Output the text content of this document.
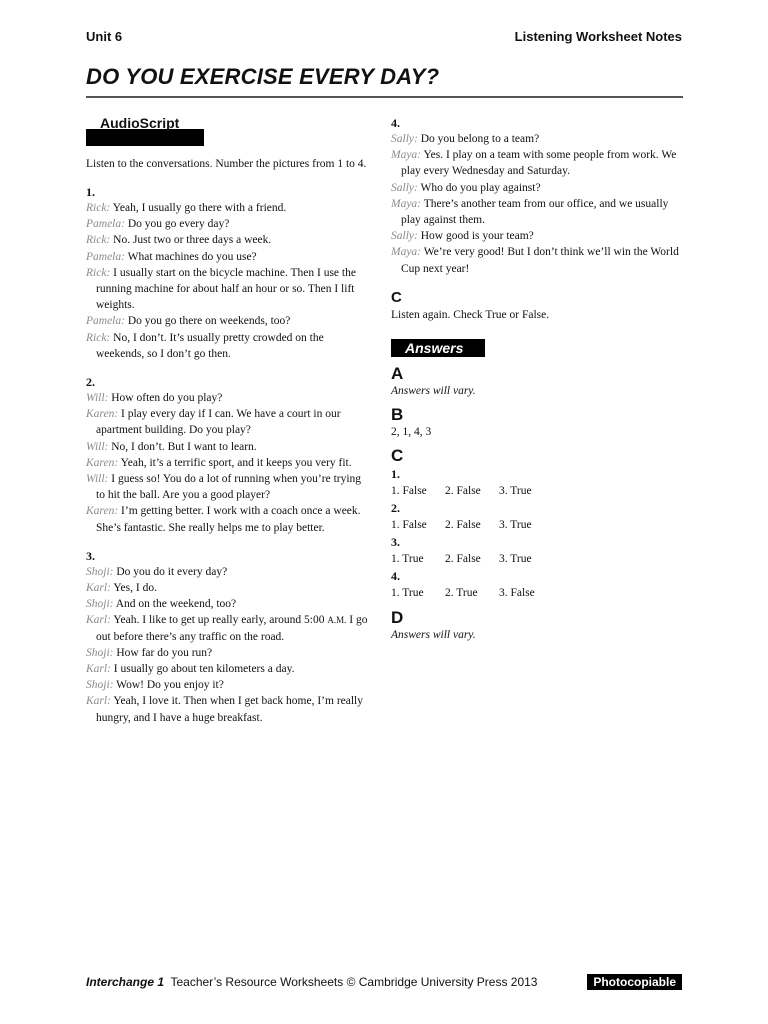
Unit 6	Listening Worksheet Notes
DO YOU EXERCISE EVERY DAY?
AudioScript
Listen to the conversations. Number the pictures from 1 to 4.
1.
Rick: Yeah, I usually go there with a friend.
Pamela: Do you go every day?
Rick: No. Just two or three days a week.
Pamela: What machines do you use?
Rick: I usually start on the bicycle machine. Then I use the running machine for about half an hour or so. Then I lift weights.
Pamela: Do you go there on weekends, too?
Rick: No, I don’t. It’s usually pretty crowded on the weekends, so I don’t go then.
2.
Will: How often do you play?
Karen: I play every day if I can. We have a court in our apartment building. Do you play?
Will: No, I don’t. But I want to learn.
Karen: Yeah, it’s a terrific sport, and it keeps you very fit.
Will: I guess so! You do a lot of running when you’re trying to hit the ball. Are you a good player?
Karen: I’m getting better. I work with a coach once a week. She’s fantastic. She really helps me to play better.
3.
Shoji: Do you do it every day?
Karl: Yes, I do.
Shoji: And on the weekend, too?
Karl: Yeah. I like to get up really early, around 5:00 A.M. I go out before there’s any traffic on the road.
Shoji: How far do you run?
Karl: I usually go about ten kilometers a day.
Shoji: Wow! Do you enjoy it?
Karl: Yeah, I love it. Then when I get back home, I’m really hungry, and I have a huge breakfast.
4.
Sally: Do you belong to a team?
Maya: Yes. I play on a team with some people from work. We play every Wednesday and Saturday.
Sally: Who do you play against?
Maya: There’s another team from our office, and we usually play against them.
Sally: How good is your team?
Maya: We’re very good! But I don’t think we’ll win the World Cup next year!
C
Listen again. Check True or False.
Answers
A
Answers will vary.
B
2, 1, 4, 3
C
1.
1. False 2. False 3. True
2.
1. False 2. False 3. True
3.
1. True 2. False 3. True
4.
1. True 2. True 3. False
D
Answers will vary.
Interchange 1 Teacher’s Resource Worksheets © Cambridge University Press 2013	Photocopiable
